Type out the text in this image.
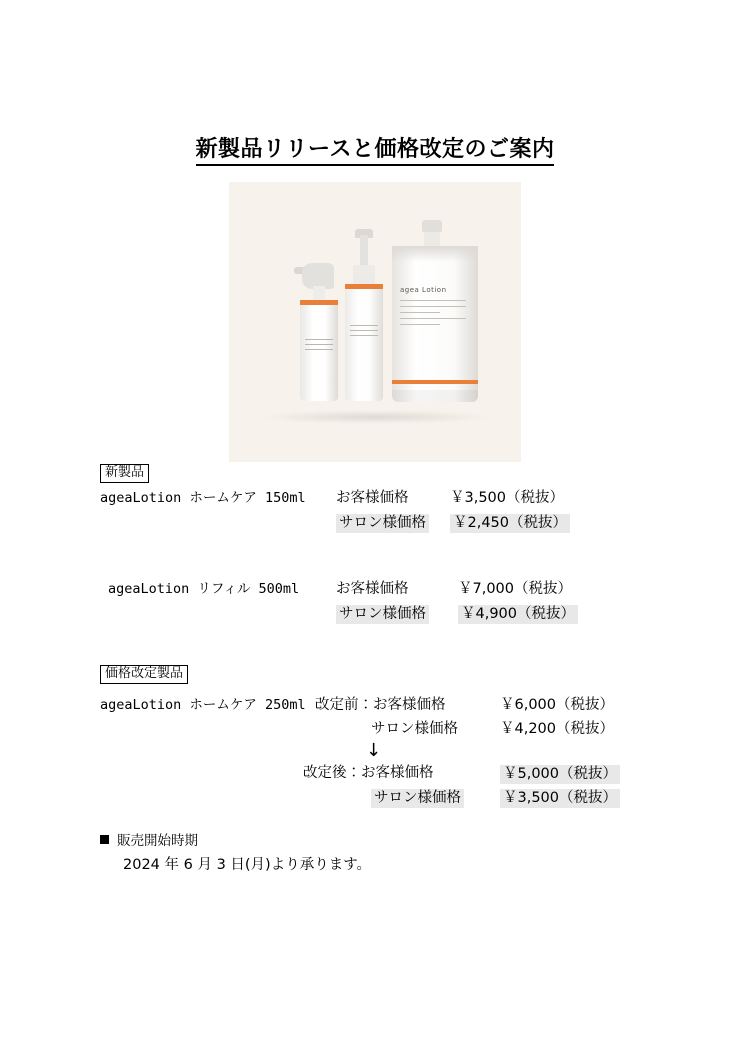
新製品リリースと価格改定のご案内
agea Lotion
新製品
ageaLotion ホームケア 150ml お客様価格	￥3,500（税抜）
サロン様価格 ￥2,450（税抜）
ageaLotion リフィル 500ml	お客様価格	￥7,000（税抜）
サロン様価格 ￥4,900（税抜）
価格改定製品
ageaLotion ホームケア 250ml 改定前：お客様価格	￥6,000（税抜）
サロン様価格	￥4,200（税抜）
↓
改定後：お客様価格	￥5,000（税抜）
サロン様価格	￥3,500（税抜）
販売開始時期
2024 年 6 月 3 日(月)より承ります。
